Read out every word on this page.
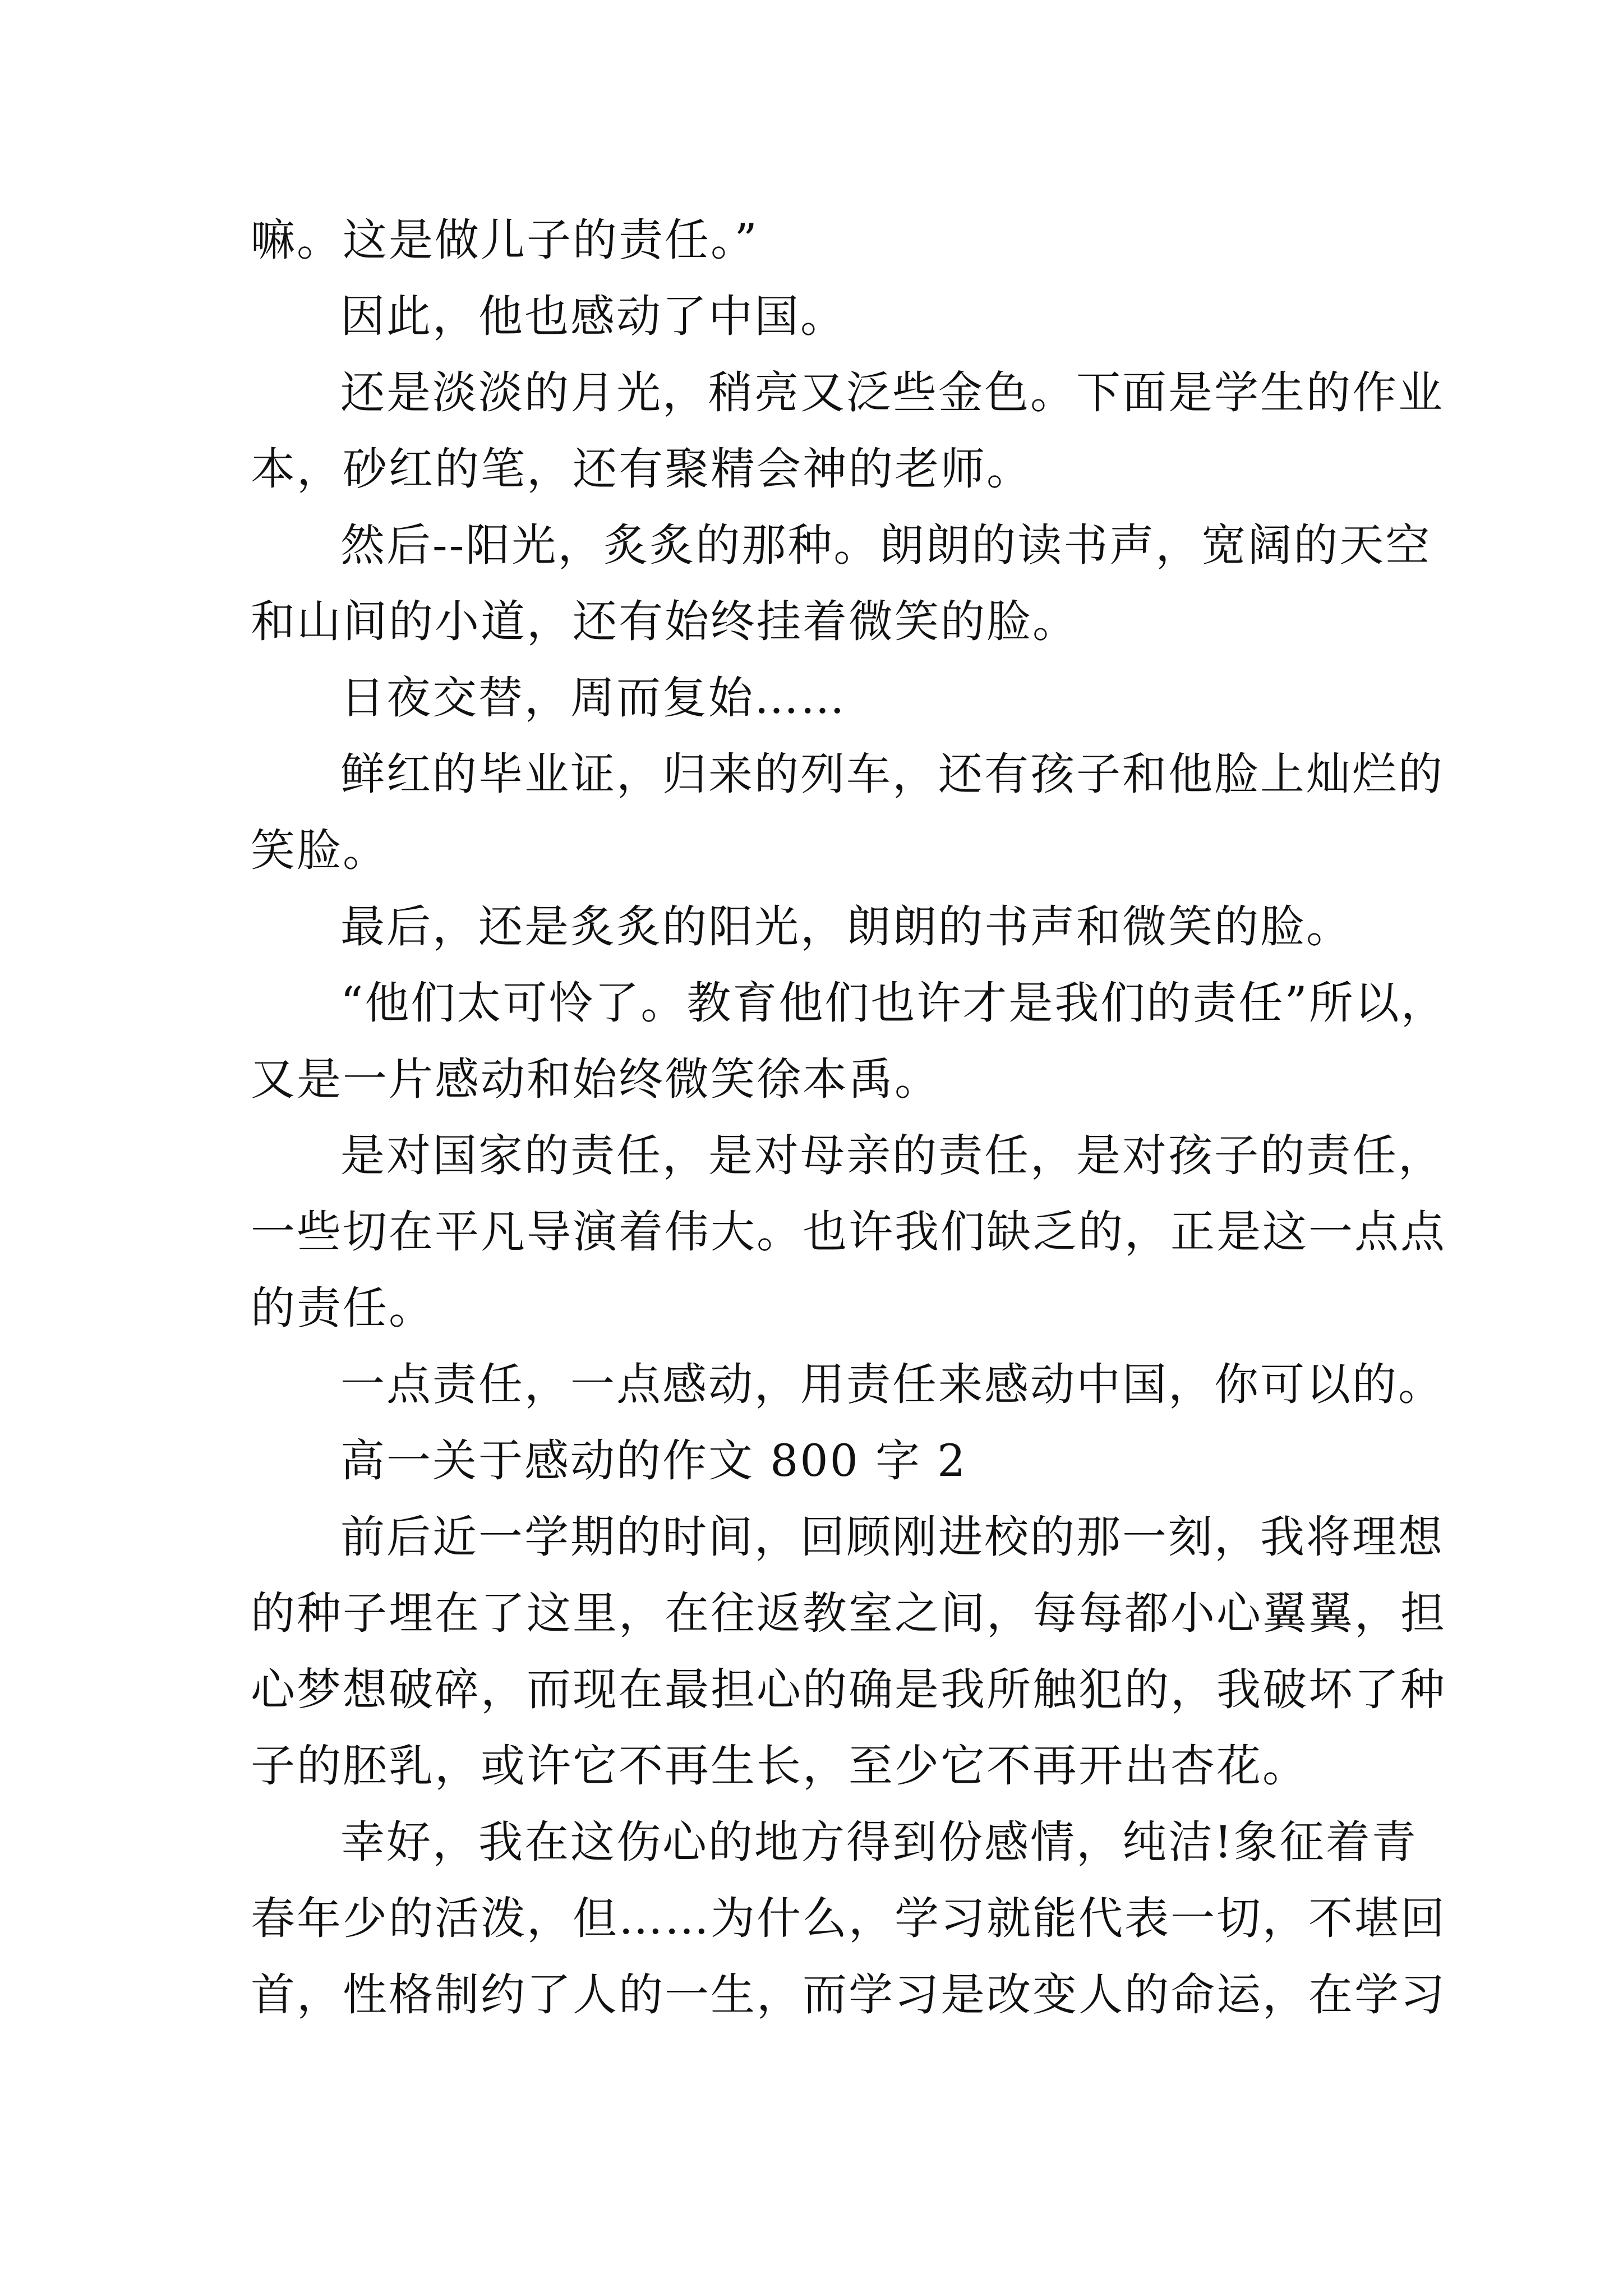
嘛。这是做儿子的责任。”
因此，他也感动了中国。
还是淡淡的月光，稍亮又泛些金色。下面是学生的作业
本，砂红的笔，还有聚精会神的老师。
然后--阳光，炙炙的那种。朗朗的读书声，宽阔的天空
和山间的小道，还有始终挂着微笑的脸。
日夜交替，周而复始……
鲜红的毕业证，归来的列车，还有孩子和他脸上灿烂的
笑脸。
最后，还是炙炙的阳光，朗朗的书声和微笑的脸。
“他们太可怜了。教育他们也许才是我们的责任”所以，
又是一片感动和始终微笑徐本禹。
是对国家的责任，是对母亲的责任，是对孩子的责任，
一些切在平凡导演着伟大。也许我们缺乏的，正是这一点点
的责任。
一点责任，一点感动，用责任来感动中国，你可以的。
高一关于感动的作文 800 字 2
前后近一学期的时间，回顾刚进校的那一刻，我将理想
的种子埋在了这里，在往返教室之间，每每都小心翼翼，担
心梦想破碎，而现在最担心的确是我所触犯的，我破坏了种
子的胚乳，或许它不再生长，至少它不再开出杏花。
幸好，我在这伤心的地方得到份感情，纯洁!象征着青
春年少的活泼，但……为什么，学习就能代表一切，不堪回
首，性格制约了人的一生，而学习是改变人的命运，在学习
